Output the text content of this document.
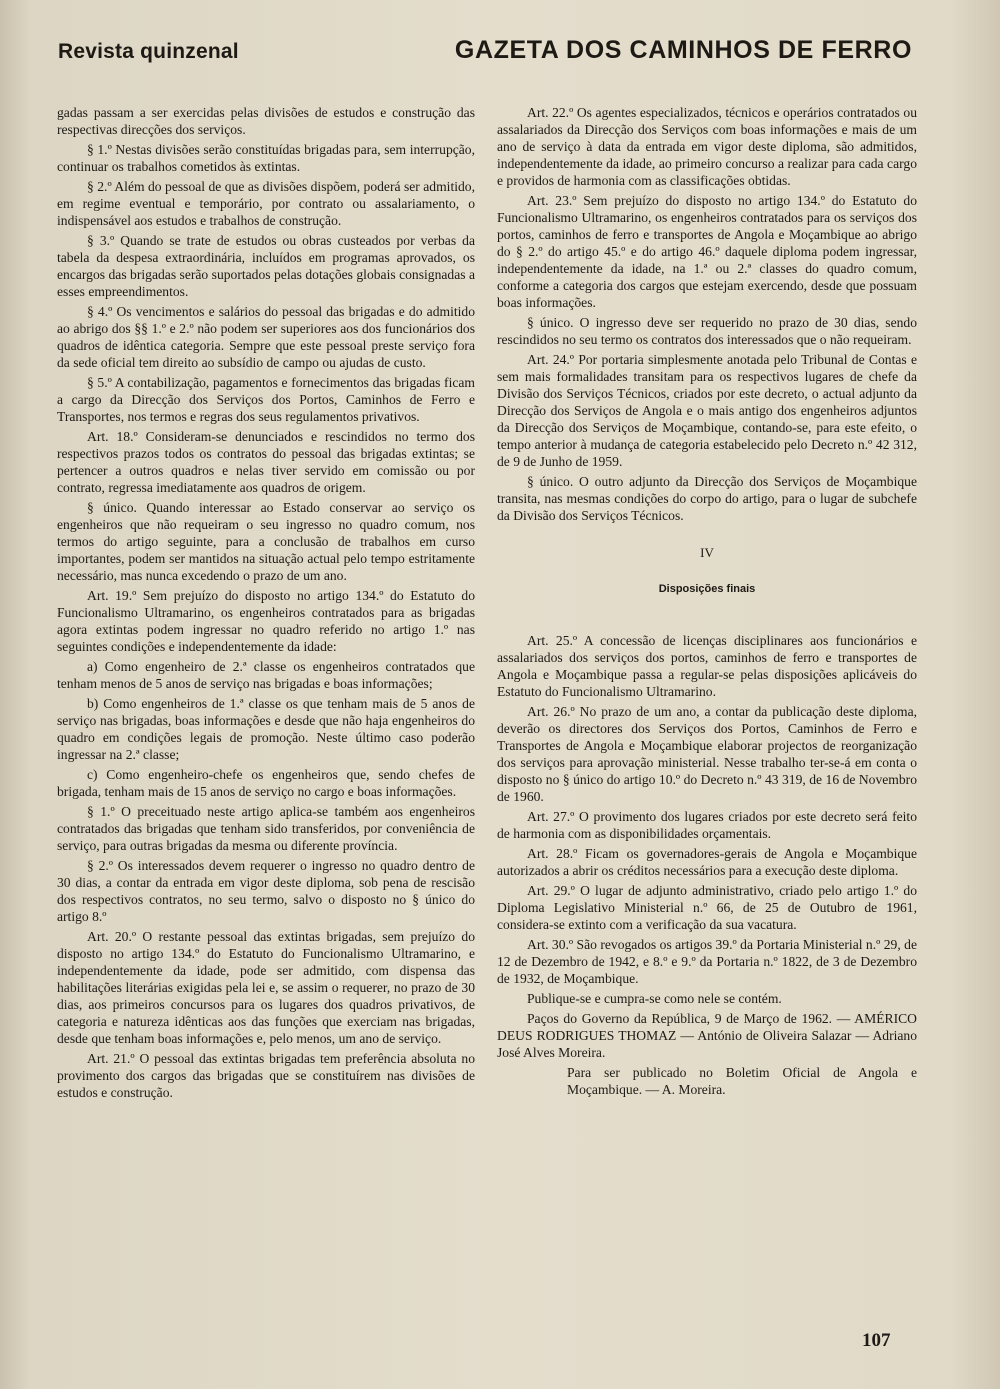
Revista quinzenal	GAZETA DOS CAMINHOS DE FERRO

gadas passam a ser exercidas pelas divisões de estudos e construção das respectivas direcções dos serviços.

§ 1.º Nestas divisões serão constituídas brigadas para, sem interrupção, continuar os trabalhos cometidos às extintas.

§ 2.º Além do pessoal de que as divisões dispõem, poderá ser admitido, em regime eventual e temporário, por contrato ou assalariamento, o indispensável aos estudos e trabalhos de construção.

§ 3.º Quando se trate de estudos ou obras custeados por verbas da tabela da despesa extraordinária, incluídos em programas aprovados, os encargos das brigadas serão suportados pelas dotações globais consignadas a esses empreendimentos.

§ 4.º Os vencimentos e salários do pessoal das brigadas e do admitido ao abrigo dos §§ 1.º e 2.º não podem ser superiores aos dos funcionários dos quadros de idêntica categoria. Sempre que este pessoal preste serviço fora da sede oficial tem direito ao subsídio de campo ou ajudas de custo.

§ 5.º A contabilização, pagamentos e fornecimentos das brigadas ficam a cargo da Direcção dos Serviços dos Portos, Caminhos de Ferro e Transportes, nos termos e regras dos seus regulamentos privativos.

Art. 18.º Consideram-se denunciados e rescindidos no termo dos respectivos prazos todos os contratos do pessoal das brigadas extintas; se pertencer a outros quadros e nelas tiver servido em comissão ou por contrato, regressa imediatamente aos quadros de origem.

§ único. Quando interessar ao Estado conservar ao serviço os engenheiros que não requeiram o seu ingresso no quadro comum, nos termos do artigo seguinte, para a conclusão de trabalhos em curso importantes, podem ser mantidos na situação actual pelo tempo estritamente necessário, mas nunca excedendo o prazo de um ano.

Art. 19.º Sem prejuízo do disposto no artigo 134.º do Estatuto do Funcionalismo Ultramarino, os engenheiros contratados para as brigadas agora extintas podem ingressar no quadro referido no artigo 1.º nas seguintes condições e independentemente da idade:

a) Como engenheiro de 2.ª classe os engenheiros contratados que tenham menos de 5 anos de serviço nas brigadas e boas informações;

b) Como engenheiros de 1.ª classe os que tenham mais de 5 anos de serviço nas brigadas, boas informações e desde que não haja engenheiros do quadro em condições legais de promoção. Neste último caso poderão ingressar na 2.ª classe;

c) Como engenheiro-chefe os engenheiros que, sendo chefes de brigada, tenham mais de 15 anos de serviço no cargo e boas informações.

§ 1.º O preceituado neste artigo aplica-se também aos engenheiros contratados das brigadas que tenham sido transferidos, por conveniência de serviço, para outras brigadas da mesma ou diferente província.

§ 2.º Os interessados devem requerer o ingresso no quadro dentro de 30 dias, a contar da entrada em vigor deste diploma, sob pena de rescisão dos respectivos contratos, no seu termo, salvo o disposto no § único do artigo 8.º

Art. 20.º O restante pessoal das extintas brigadas, sem prejuízo do disposto no artigo 134.º do Estatuto do Funcionalismo Ultramarino, e independentemente da idade, pode ser admitido, com dispensa das habilitações literárias exigidas pela lei e, se assim o requerer, no prazo de 30 dias, aos primeiros concursos para os lugares dos quadros privativos, de categoria e natureza idênticas aos das funções que exerciam nas brigadas, desde que tenham boas informações e, pelo menos, um ano de serviço.

Art. 21.º O pessoal das extintas brigadas tem preferência absoluta no provimento dos cargos das brigadas que se constituírem nas divisões de estudos e construção.

Art. 22.º Os agentes especializados, técnicos e operários contratados ou assalariados da Direcção dos Serviços com boas informações e mais de um ano de serviço à data da entrada em vigor deste diploma, são admitidos, independentemente da idade, ao primeiro concurso a realizar para cada cargo e providos de harmonia com as classificações obtidas.

Art. 23.º Sem prejuízo do disposto no artigo 134.º do Estatuto do Funcionalismo Ultramarino, os engenheiros contratados para os serviços dos portos, caminhos de ferro e transportes de Angola e Moçambique ao abrigo do § 2.º do artigo 45.º e do artigo 46.º daquele diploma podem ingressar, independentemente da idade, na 1.ª ou 2.ª classes do quadro comum, conforme a categoria dos cargos que estejam exercendo, desde que possuam boas informações.

§ único. O ingresso deve ser requerido no prazo de 30 dias, sendo rescindidos no seu termo os contratos dos interessados que o não requeiram.

Art. 24.º Por portaria simplesmente anotada pelo Tribunal de Contas e sem mais formalidades transitam para os respectivos lugares de chefe da Divisão dos Serviços Técnicos, criados por este decreto, o actual adjunto da Direcção dos Serviços de Angola e o mais antigo dos engenheiros adjuntos da Direcção dos Serviços de Moçambique, contando-se, para este efeito, o tempo anterior à mudança de categoria estabelecido pelo Decreto n.º 42 312, de 9 de Junho de 1959.

§ único. O outro adjunto da Direcção dos Serviços de Moçambique transita, nas mesmas condições do corpo do artigo, para o lugar de subchefe da Divisão dos Serviços Técnicos.

IV
Disposições finais

Art. 25.º A concessão de licenças disciplinares aos funcionários e assalariados dos serviços dos portos, caminhos de ferro e transportes de Angola e Moçambique passa a regular-se pelas disposições aplicáveis do Estatuto do Funcionalismo Ultramarino.

Art. 26.º No prazo de um ano, a contar da publicação deste diploma, deverão os directores dos Serviços dos Portos, Caminhos de Ferro e Transportes de Angola e Moçambique elaborar projectos de reorganização dos serviços para aprovação ministerial. Nesse trabalho ter-se-á em conta o disposto no § único do artigo 10.º do Decreto n.º 43 319, de 16 de Novembro de 1960.

Art. 27.º O provimento dos lugares criados por este decreto será feito de harmonia com as disponibilidades orçamentais.

Art. 28.º Ficam os governadores-gerais de Angola e Moçambique autorizados a abrir os créditos necessários para a execução deste diploma.

Art. 29.º O lugar de adjunto administrativo, criado pelo artigo 1.º do Diploma Legislativo Ministerial n.º 66, de 25 de Outubro de 1961, considera-se extinto com a verificação da sua vacatura.

Art. 30.º São revogados os artigos 39.º da Portaria Ministerial n.º 29, de 12 de Dezembro de 1942, e 8.º e 9.º da Portaria n.º 1822, de 3 de Dezembro de 1932, de Moçambique.

Publique-se e cumpra-se como nele se contém.

Paços do Governo da República, 9 de Março de 1962. — AMÉRICO DEUS RODRIGUES THOMAZ — António de Oliveira Salazar — Adriano José Alves Moreira.

Para ser publicado no Boletim Oficial de Angola e Moçambique. — A. Moreira.

107
